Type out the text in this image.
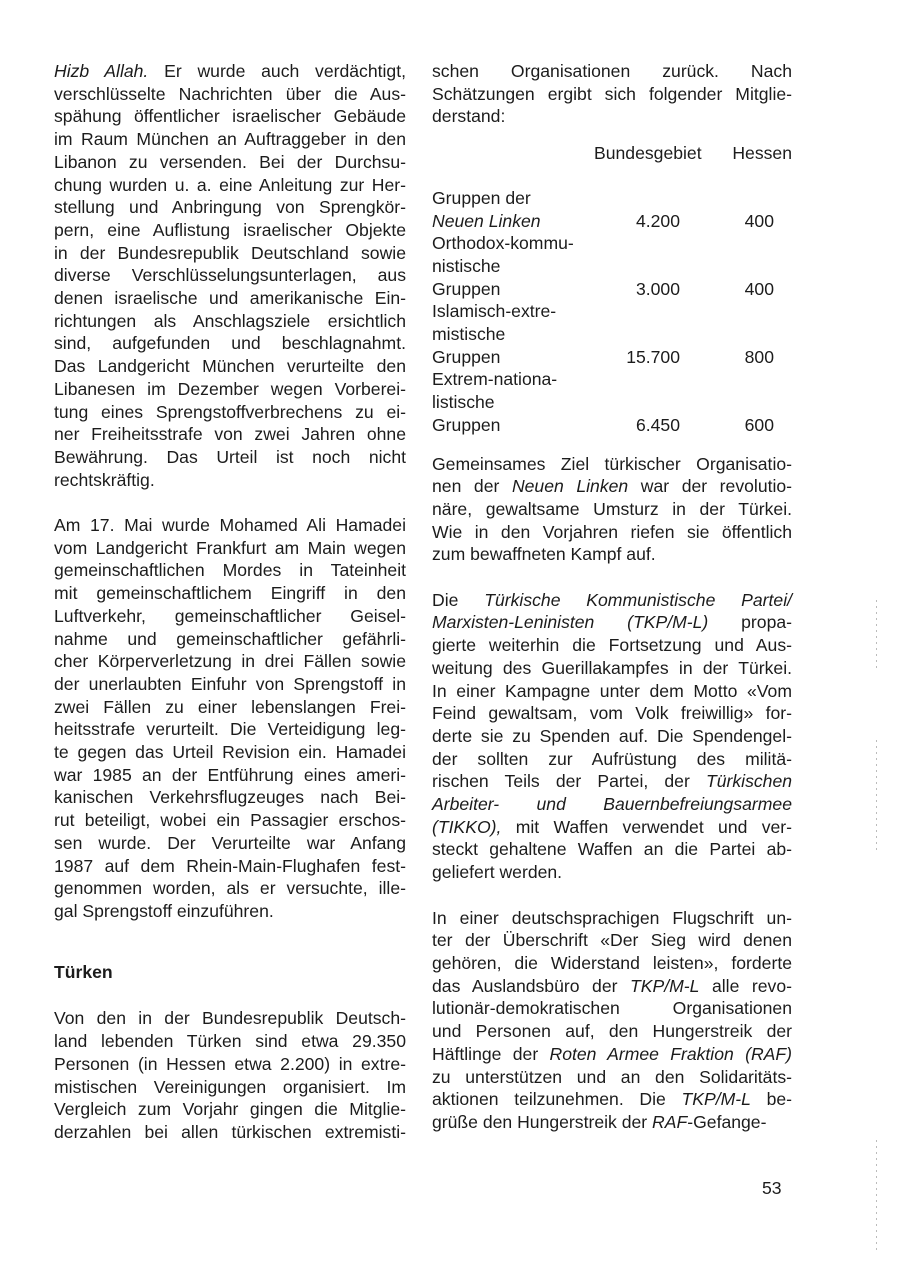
Hizb Allah. Er wurde auch verdächtigt,
verschlüsselte Nachrichten über die Aus-
spähung öffentlicher israelischer Gebäude
im Raum München an Auftraggeber in den
Libanon zu versenden. Bei der Durchsu-
chung wurden u. a. eine Anleitung zur Her-
stellung und Anbringung von Sprengkör-
pern, eine Auflistung israelischer Objekte
in der Bundesrepublik Deutschland sowie
diverse Verschlüsselungsunterlagen, aus
denen israelische und amerikanische Ein-
richtungen als Anschlagsziele ersichtlich
sind, aufgefunden und beschlagnahmt.
Das Landgericht München verurteilte den
Libanesen im Dezember wegen Vorberei-
tung eines Sprengstoffverbrechens zu ei-
ner Freiheitsstrafe von zwei Jahren ohne
Bewährung. Das Urteil ist noch nicht
rechtskräftig.
Am 17. Mai wurde Mohamed Ali Hamadei
vom Landgericht Frankfurt am Main wegen
gemeinschaftlichen Mordes in Tateinheit
mit gemeinschaftlichem Eingriff in den
Luftverkehr, gemeinschaftlicher Geisel-
nahme und gemeinschaftlicher gefährli-
cher Körperverletzung in drei Fällen sowie
der unerlaubten Einfuhr von Sprengstoff in
zwei Fällen zu einer lebenslangen Frei-
heitsstrafe verurteilt. Die Verteidigung leg-
te gegen das Urteil Revision ein. Hamadei
war 1985 an der Entführung eines ameri-
kanischen Verkehrsflugzeuges nach Bei-
rut beteiligt, wobei ein Passagier erschos-
sen wurde. Der Verurteilte war Anfang
1987 auf dem Rhein-Main-Flughafen fest-
genommen worden, als er versuchte, ille-
gal Sprengstoff einzuführen.
Türken
Von den in der Bundesrepublik Deutsch-
land lebenden Türken sind etwa 29.350
Personen (in Hessen etwa 2.200) in extre-
mistischen Vereinigungen organisiert. Im
Vergleich zum Vorjahr gingen die Mitglie-
derzahlen bei allen türkischen extremisti-
schen Organisationen zurück. Nach
Schätzungen ergibt sich folgender Mitglie-
derstand:
Bundesgebiet	Hessen
Gruppen der
Neuen Linken	4.200	400
Orthodox-kommu-
nistische
Gruppen	3.000	400
Islamisch-extre-
mistische
Gruppen	15.700	800
Extrem-nationa-
listische
Gruppen	6.450	600
Gemeinsames Ziel türkischer Organisatio-
nen der Neuen Linken war der revolutio-
näre, gewaltsame Umsturz in der Türkei.
Wie in den Vorjahren riefen sie öffentlich
zum bewaffneten Kampf auf.
Die Türkische Kommunistische Partei/
Marxisten-Leninisten (TKP/M-L) propa-
gierte weiterhin die Fortsetzung und Aus-
weitung des Guerillakampfes in der Türkei.
In einer Kampagne unter dem Motto «Vom
Feind gewaltsam, vom Volk freiwillig» for-
derte sie zu Spenden auf. Die Spendengel-
der sollten zur Aufrüstung des militä-
rischen Teils der Partei, der Türkischen
Arbeiter- und Bauernbefreiungsarmee
(TIKKO), mit Waffen verwendet und ver-
steckt gehaltene Waffen an die Partei ab-
geliefert werden.
In einer deutschsprachigen Flugschrift un-
ter der Überschrift «Der Sieg wird denen
gehören, die Widerstand leisten», forderte
das Auslandsbüro der TKP/M-L alle revo-
lutionär-demokratischen Organisationen
und Personen auf, den Hungerstreik der
Häftlinge der Roten Armee Fraktion (RAF)
zu unterstützen und an den Solidaritäts-
aktionen teilzunehmen. Die TKP/M-L be-
grüße den Hungerstreik der RAF-Gefange-
53
